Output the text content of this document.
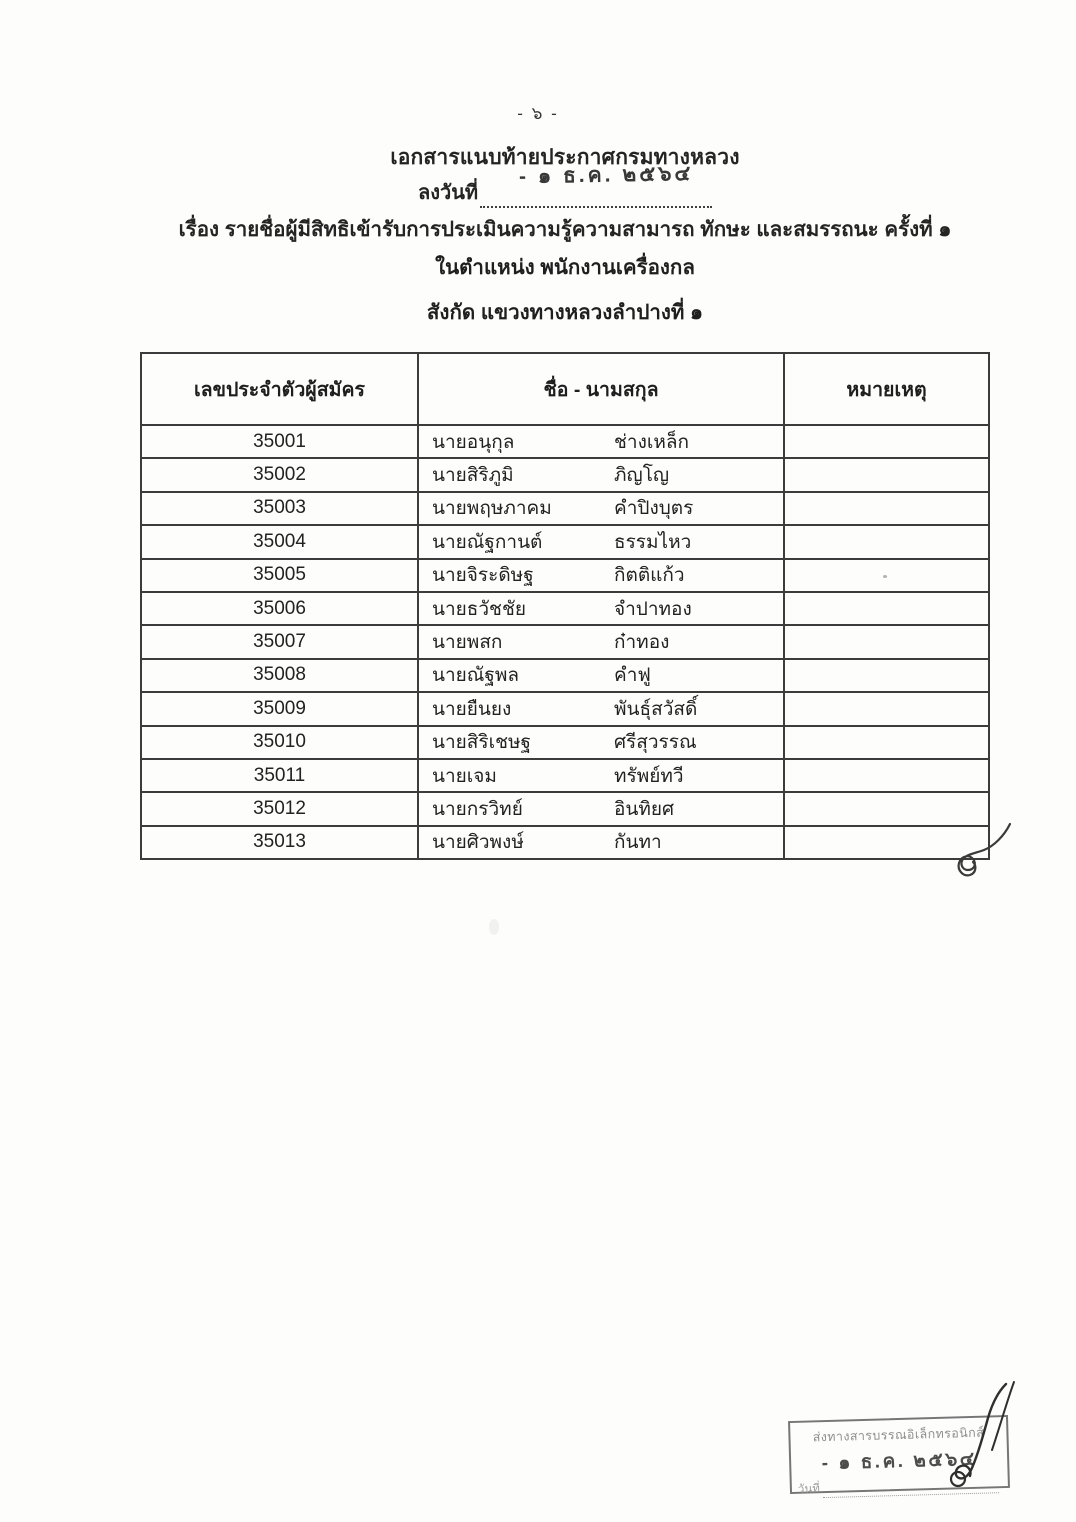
- ๖ -
เอกสารแนบท้ายประกาศกรมทางหลวง
ลงวันที่
เรื่อง รายชื่อผู้มีสิทธิเข้ารับการประเมินความรู้ความสามารถ ทักษะ และสมรรถนะ ครั้งที่ ๑
ในตำแหน่ง พนักงานเครื่องกล
สังกัด แขวงทางหลวงลำปางที่ ๑
- ๑ ธ.ค. ๒๕๖๔
เลขประจำตัวผู้สมัคร	ชื่อ - นามสกุล	หมายเหตุ
35001	นายอนุกุล ช่างเหล็ก	
35002	นายสิริภูมิ ภิญโญ	
35003	นายพฤษภาคม คำปิงบุตร	
35004	นายณัฐกานต์ ธรรมไหว	
35005	นายจิระดิษฐ กิตติแก้ว	
35006	นายธวัชชัย จำปาทอง	
35007	นายพสก ก๋าทอง	
35008	นายณัฐพล คำฟู	
35009	นายยืนยง พันธุ์สวัสดิ์	
35010	นายสิริเชษฐ ศรีสุวรรณ	
35011	นายเจม ทรัพย์ทวี	
35012	นายกรวิทย์ อินทิยศ	
35013	นายศิวพงษ์ กันทา	
ส่งทางสารบรรณอิเล็กทรอนิกส์
- ๑ ธ.ค. ๒๕๖๔
วันที่
